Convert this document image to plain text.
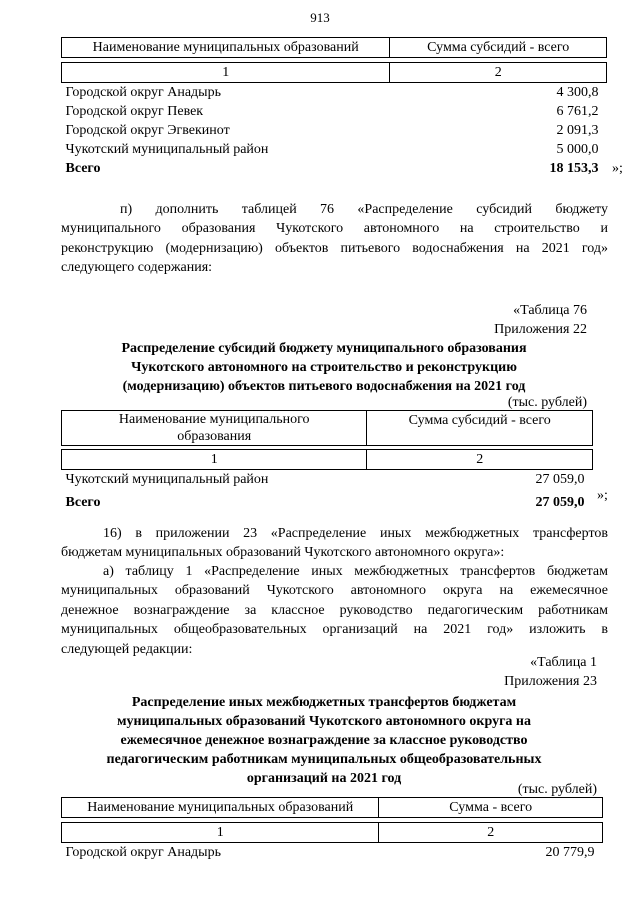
913
Наименование муниципальных образований	Сумма субсидий - всего

1	2
Городской округ Анадырь	4 300,8
Городской округ Певек	6 761,2
Городской округ Эгвекинот	2 091,3
Чукотский муниципальный район	5 000,0
Всего	18 153,3 »;
п) дополнить таблицей 76 «Распределение субсидий бюджету
муниципального образования Чукотского автономного на строительство и
реконструкцию (модернизацию) объектов питьевого водоснабжения на 2021 год»
следующего содержания:
«Таблица 76
Приложения 22
Распределение субсидий бюджету муниципального образования
Чукотского автономного на строительство и реконструкцию
(модернизацию) объектов питьевого водоснабжения на 2021 год
(тыс. рублей)
Наименование муниципального
образования	Сумма субсидий - всего

1	2
Чукотский муниципальный район	27 059,0

Всего	27 059,0 »;
16) в приложении 23 «Распределение иных межбюджетных трансфертов
бюджетам муниципальных образований Чукотского автономного округа»:
а) таблицу 1 «Распределение иных межбюджетных трансфертов бюджетам
муниципальных образований Чукотского автономного округа на ежемесячное
денежное вознаграждение за классное руководство педагогическим работникам
муниципальных общеобразовательных организаций на 2021 год» изложить в
следующей редакции:
«Таблица 1
Приложения 23
Распределение иных межбюджетных трансфертов бюджетам
муниципальных образований Чукотского автономного округа на
ежемесячное денежное вознаграждение за классное руководство
педагогическим работникам муниципальных общеобразовательных
организаций на 2021 год
(тыс. рублей)
Наименование муниципальных образований	Сумма - всего

1	2
Городской округ Анадырь	20 779,9
